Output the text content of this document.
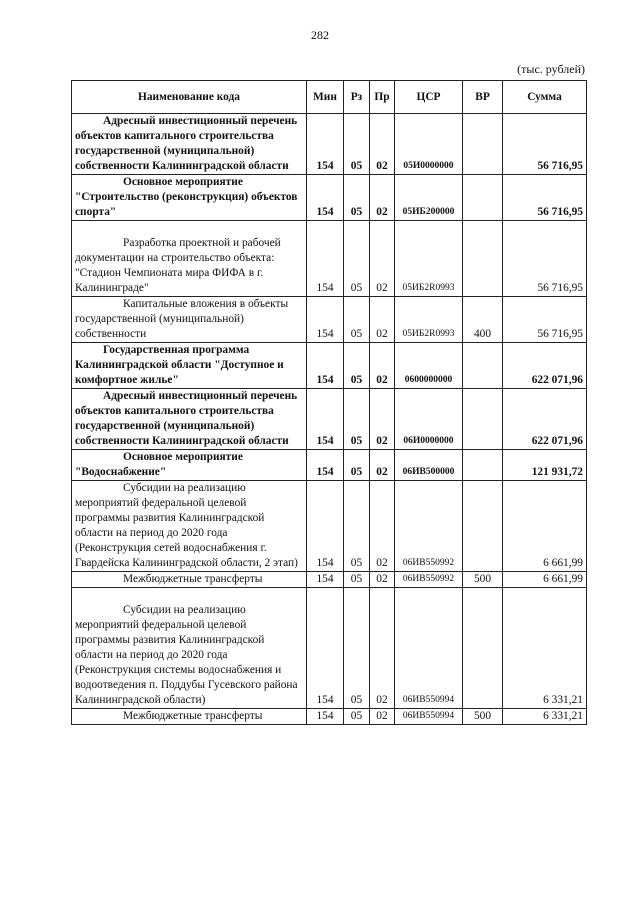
282
(тыс. рублей)
Наименование кода	Мин	Рз	Пр	ЦСР	ВР	Сумма
Адресный инвестиционный перечень объектов капитального строительства государственной (муниципальной) собственности Калининградской области	154	05	02	05И0000000		56 716,95
Основное мероприятие "Строительство (реконструкция) объектов спорта"	154	05	02	05ИБ200000		56 716,95
Разработка проектной и рабочей документации на строительство объекта: "Стадион Чемпионата мира ФИФА в г. Калининграде"	154	05	02	05ИБ2R0993		56 716,95
Капитальные вложения в объекты государственной (муниципальной) собственности	154	05	02	05ИБ2R0993	400	56 716,95
Государственная программа Калининградской области "Доступное и комфортное жилье"	154	05	02	0600000000		622 071,96
Адресный инвестиционный перечень объектов капитального строительства государственной (муниципальной) собственности Калининградской области	154	05	02	06И0000000		622 071,96
Основное мероприятие "Водоснабжение"	154	05	02	06ИВ500000		121 931,72
Субсидии на реализацию мероприятий федеральной целевой программы развития Калининградской области на период до 2020 года (Реконструкция сетей водоснабжения г. Гвардейска Калининградской области, 2 этап)	154	05	02	06ИВ550992		6 661,99
Межбюджетные трансферты	154	05	02	06ИВ550992	500	6 661,99
Субсидии на реализацию мероприятий федеральной целевой программы развития Калининградской области на период до 2020 года (Реконструкция системы водоснабжения и водоотведения п. Поддубы Гусевского района Калининградской области)	154	05	02	06ИВ550994		6 331,21
Межбюджетные трансферты	154	05	02	06ИВ550994	500	6 331,21
